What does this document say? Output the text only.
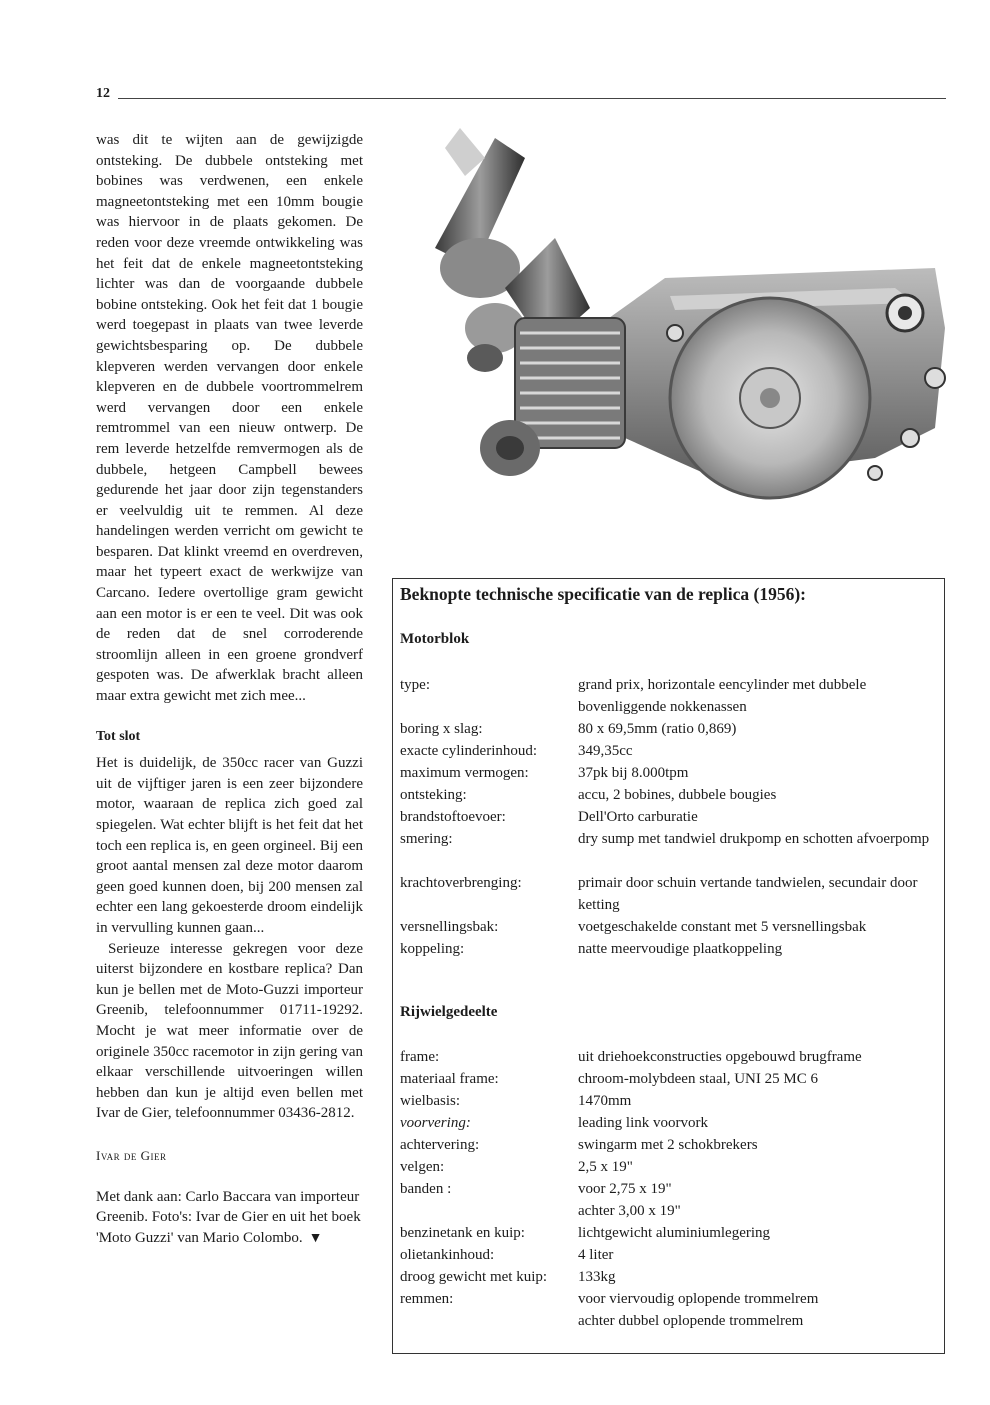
12

was dit te wijten aan de gewijzigde ontsteking. De dubbele ontsteking met bobines was verdwenen, een enkele magneetontsteking met een 10mm bougie was hiervoor in de plaats gekomen. De reden voor deze vreemde ontwikkeling was het feit dat de enkele magneetontsteking lichter was dan de voorgaande dubbele bobine ontsteking. Ook het feit dat 1 bougie werd toegepast in plaats van twee leverde gewichtsbesparing op. De dubbele klepveren werden vervangen door enkele klepveren en de dubbele voortrommelrem werd vervangen door een enkele remtrommel van een nieuw ontwerp. De rem leverde hetzelfde remvermogen als de dubbele, hetgeen Campbell bewees gedurende het jaar door zijn tegenstanders er veelvuldig uit te remmen. Al deze handelingen werden verricht om gewicht te besparen. Dat klinkt vreemd en overdreven, maar het typeert exact de werkwijze van Carcano. Iedere overtollige gram gewicht aan een motor is er een te veel. Dit was ook de reden dat de snel corroderende stroomlijn alleen in een groene grondverf gespoten was. De afwerklak bracht alleen maar extra gewicht met zich mee...

Tot slot

Het is duidelijk, de 350cc racer van Guzzi uit de vijftiger jaren is een zeer bijzondere motor, waaraan de replica zich goed zal spiegelen. Wat echter blijft is het feit dat het toch een replica is, en geen orgineel. Bij een groot aantal mensen zal deze motor daarom geen goed kunnen doen, bij 200 mensen zal echter een lang gekoesterde droom eindelijk in vervulling kunnen gaan...

Serieuze interesse gekregen voor deze uiterst bijzondere en kostbare replica? Dan kun je bellen met de Moto-Guzzi importeur Greenib, telefoonnummer 01711-19292. Mocht je wat meer informatie over de originele 350cc racemotor in zijn gering van elkaar verschillende uitvoeringen willen hebben dan kun je altijd even bellen met Ivar de Gier, telefoonnummer 03436-2812.

Ivar de Gier

Met dank aan: Carlo Baccara van importeur Greenib. Foto's: Ivar de Gier en uit het boek 'Moto Guzzi' van Mario Colombo. ▼

Beknopte technische specificatie van de replica (1956):
Motorblok
type:	grand prix, horizontale eencylinder met dubbele bovenliggende nokkenassen
boring x slag:	80 x 69,5mm (ratio 0,869)
exacte cylinderinhoud:	349,35cc
maximum vermogen:	37pk bij 8.000tpm
ontsteking:	accu, 2 bobines, dubbele bougies
brandstoftoevoer:	Dell'Orto carburatie
smering:	dry sump met tandwiel drukpomp en schotten afvoerpomp
krachtoverbrenging:	primair door schuin vertande tandwielen, secundair door ketting
versnellingsbak:	voetgeschakelde constant met 5 versnellingsbak
koppeling:	natte meervoudige plaatkoppeling
Rijwielgedeelte
frame:	uit driehoekconstructies opgebouwd brugframe
materiaal frame:	chroom-molybdeen staal, UNI 25 MC 6
wielbasis:	1470mm
voorvering:	leading link voorvork
achtervering:	swingarm met 2 schokbrekers
velgen:	2,5 x 19"
banden :	voor 2,75 x 19"
achter 3,00 x 19"
benzinetank en kuip:	lichtgewicht aluminiumlegering
olietankinhoud:	4 liter
droog gewicht met kuip:	133kg
remmen:	voor viervoudig oplopende trommelrem
achter dubbel oplopende trommelrem
